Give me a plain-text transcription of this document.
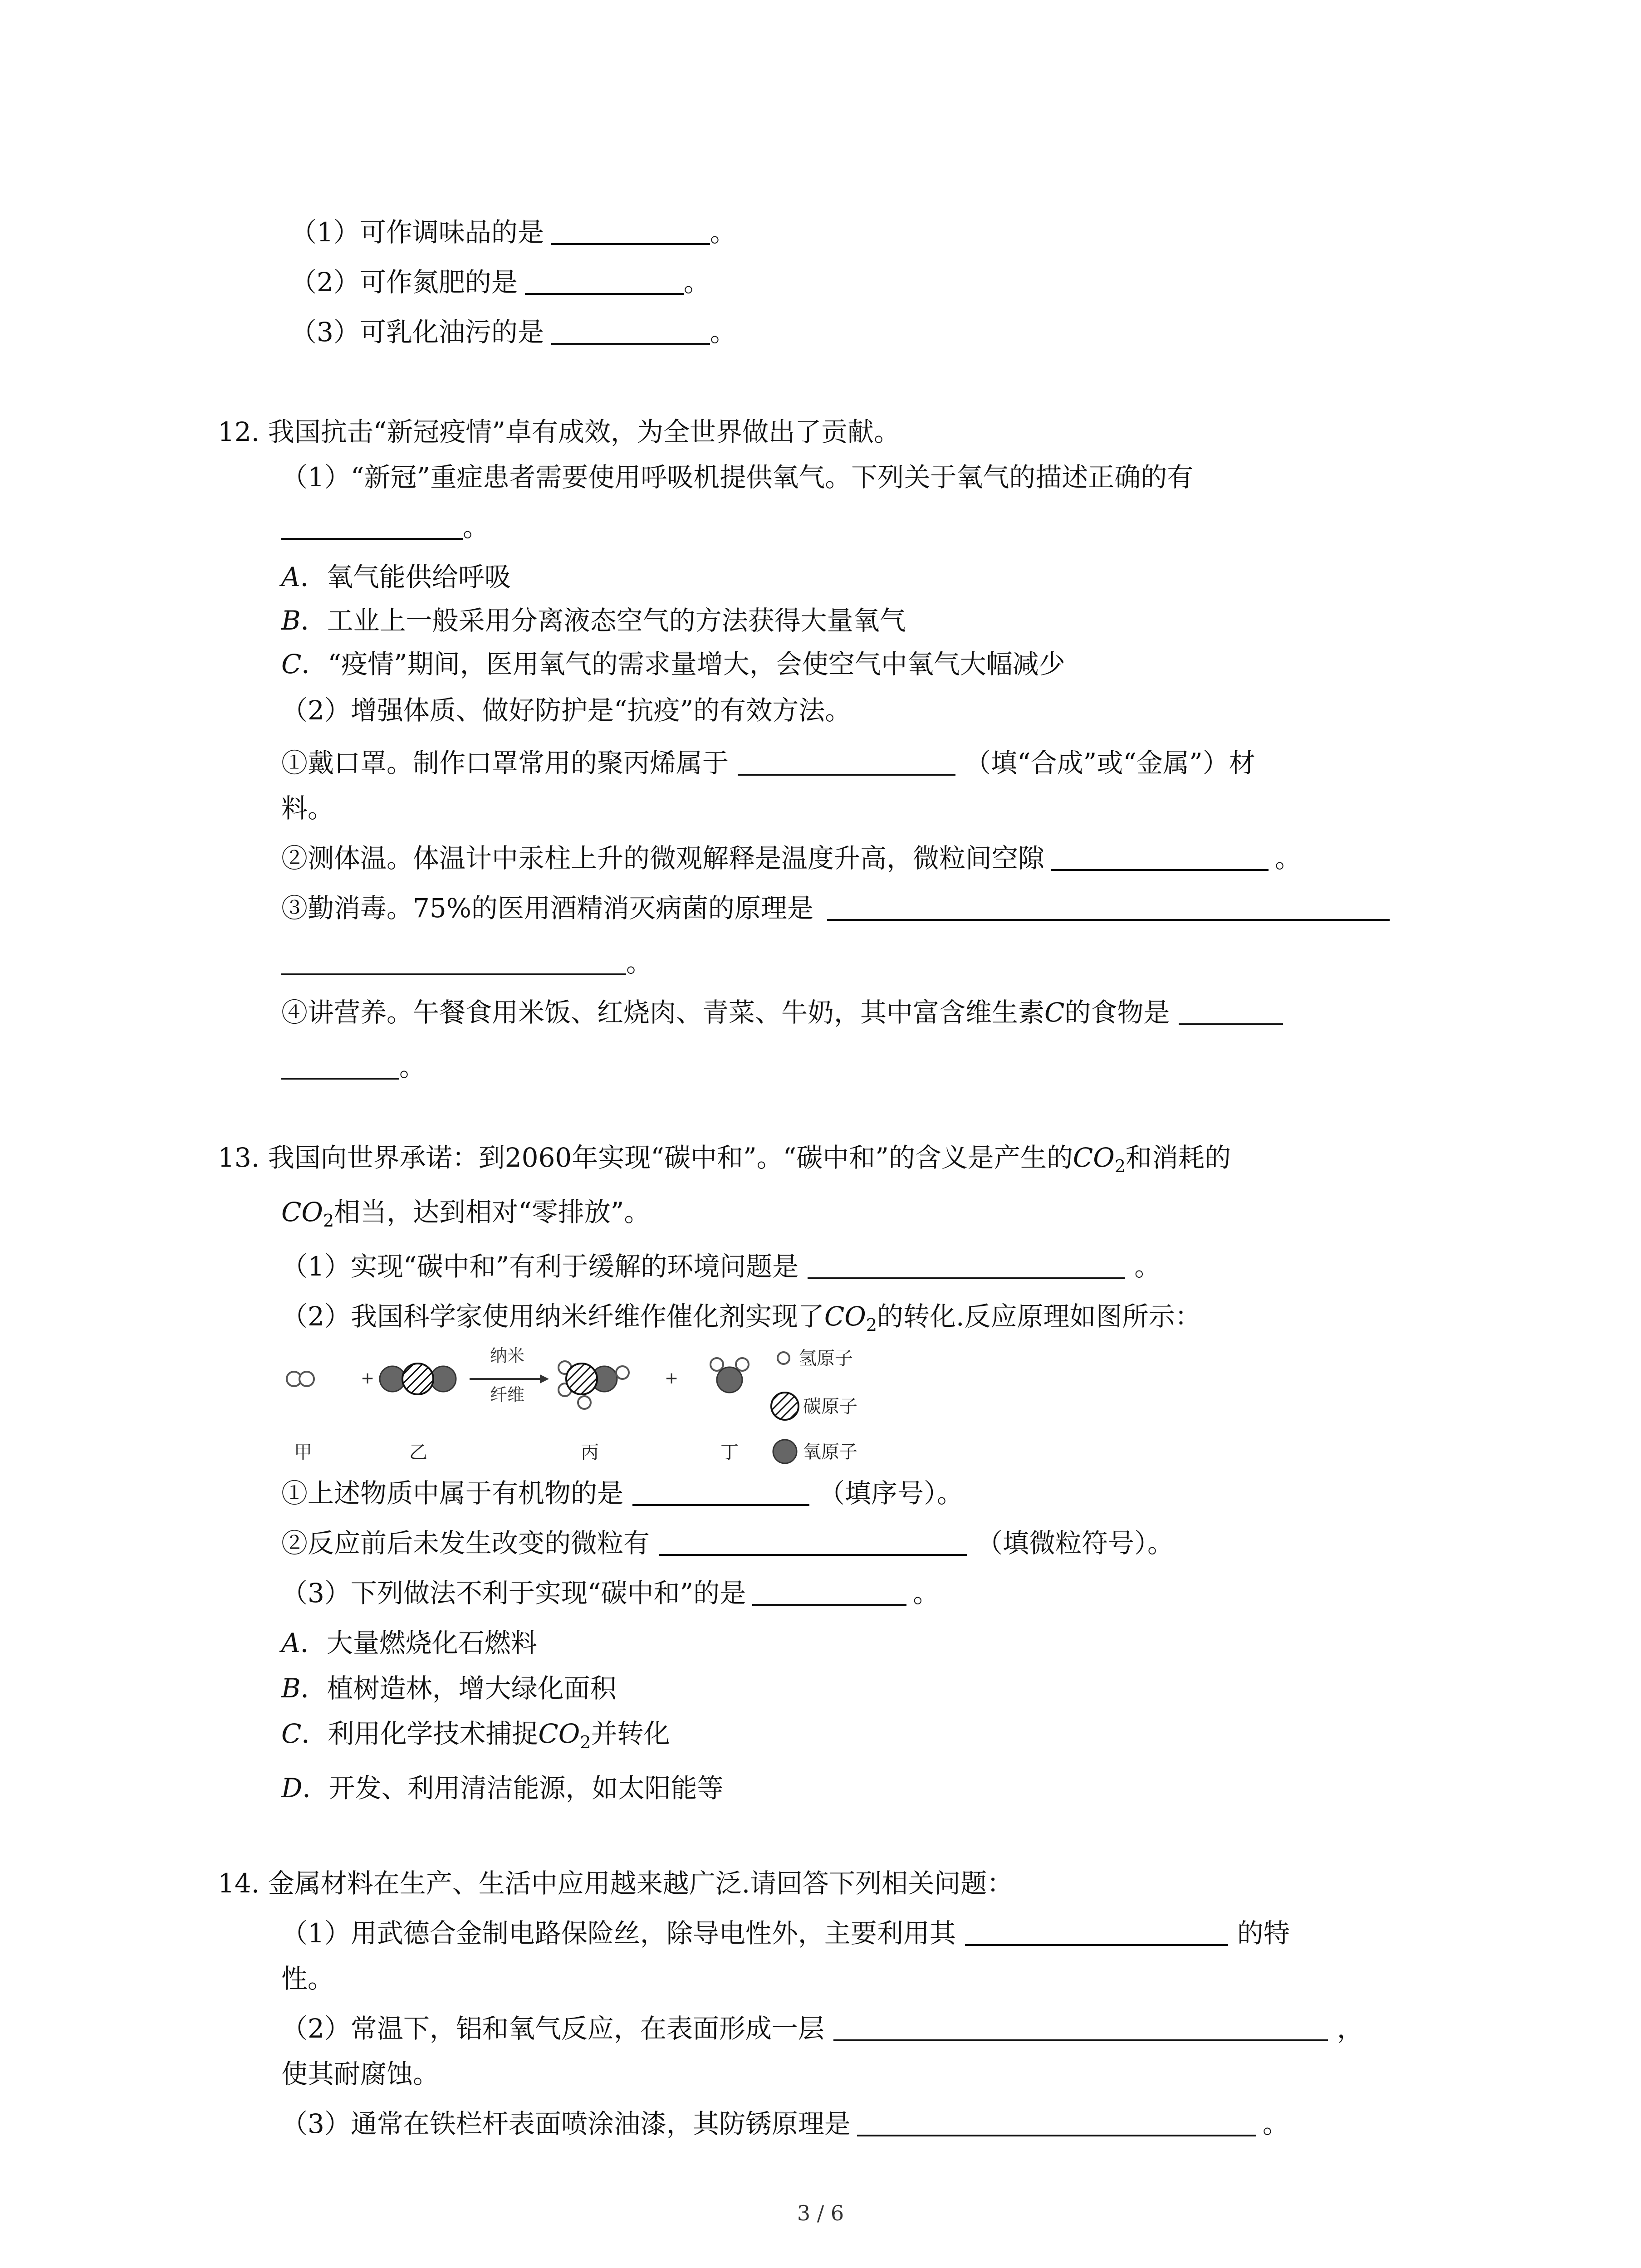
（1）可作调味品的是	。
（2）可作氮肥的是	。
（3）可乳化油污的是	。
12. 我国抗击“新冠疫情”卓有成效，为全世界做出了贡献。
（1）“新冠”重症患者需要使用呼吸机提供氧气。下列关于氧气的描述正确的有
。
A．氧气能供给呼吸
B．工业上一般采用分离液态空气的方法获得大量氧气
C．“疫情”期间，医用氧气的需求量增大，会使空气中氧气大幅减少
（2）增强体质、做好防护是“抗疫”的有效方法。
①戴口罩。制作口罩常用的聚丙烯属于	（填“合成”或“金属”）材
料。
②测体温。体温计中汞柱上升的微观解释是温度升高，微粒间空隙	。
③勤消毒。75%的医用酒精消灭病菌的原理是
。
④讲营养。午餐食用米饭、红烧肉、青菜、牛奶，其中富含维生素C的食物是
。
13. 我国向世界承诺：到2060年实现“碳中和”。“碳中和”的含义是产生的$CO_2$和消耗的
$CO_2$相当，达到相对“零排放”。
（1）实现“碳中和”有利于缓解的环境问题是	。
（2）我国科学家使用纳米纤维作催化剂实现了$CO_2$的转化.反应原理如图所示：
+
纳米
纤维
+
甲	乙	丙	丁
氢原子
碳原子
氧原子
①上述物质中属于有机物的是	（填序号）。
②反应前后未发生改变的微粒有	（填微粒符号）。
（3）下列做法不利于实现“碳中和”的是	。
A．大量燃烧化石燃料
B．植树造林，增大绿化面积
C．利用化学技术捕捉$CO_2$并转化
D．开发、利用清洁能源，如太阳能等
14. 金属材料在生产、生活中应用越来越广泛.请回答下列相关问题：
（1）用武德合金制电路保险丝，除导电性外，主要利用其	的特
性。
（2）常温下，铝和氧气反应，在表面形成一层	，
使其耐腐蚀。
（3）通常在铁栏杆表面喷涂油漆，其防锈原理是	。
3 / 6
